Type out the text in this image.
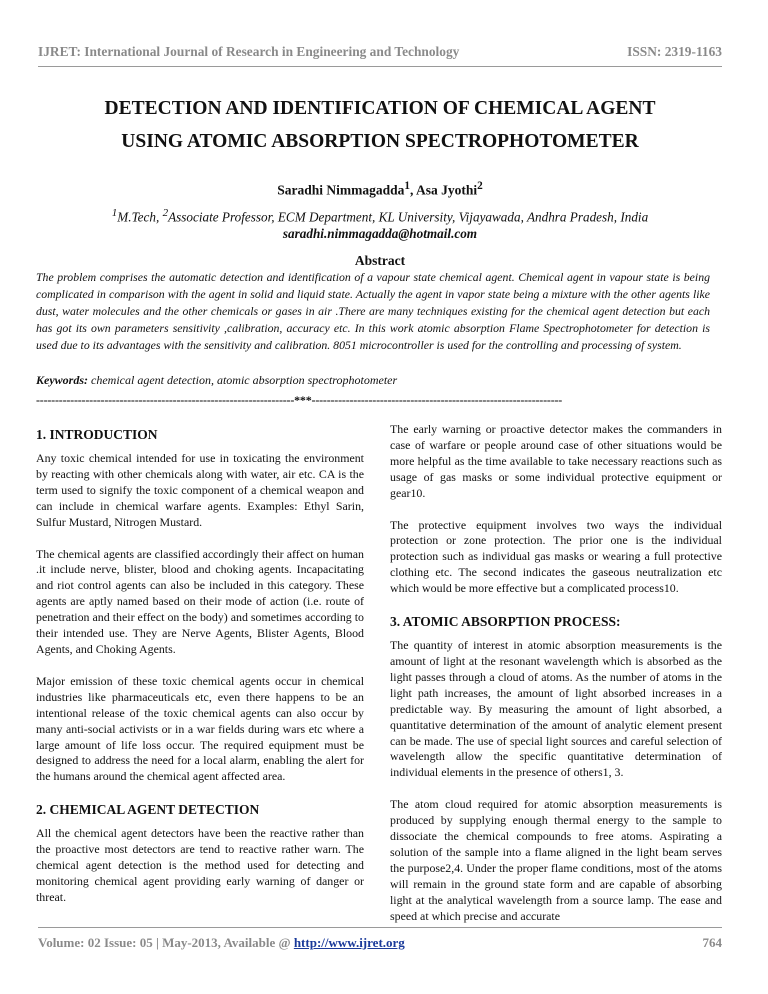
IJRET: International Journal of Research in Engineering and Technology	ISSN: 2319-1163
DETECTION AND IDENTIFICATION OF CHEMICAL AGENT
USING ATOMIC ABSORPTION SPECTROPHOTOMETER
Saradhi Nimmagadda$^1$, Asa Jyothi$^2$
$^1$M.Tech, $^2$Associate Professor, ECM Department, KL University, Vijayawada, Andhra Pradesh, India
saradhi.nimmagadda@hotmail.com
Abstract
The problem comprises the automatic detection and identification of a vapour state chemical agent. Chemical agent in vapour state is being complicated in comparison with the agent in solid and liquid state. Actually the agent in vapor state being a mixture with the other agents like dust, water molecules and the other chemicals or gases in air .There are many techniques existing for the chemical agent detection but each has got its own parameters sensitivity ,calibration, accuracy etc. In this work atomic absorption Flame Spectrophotometer for detection is used due to its advantages with the sensitivity and calibration. 8051 microcontroller is used for the controlling and processing of system.
Keywords: chemical agent detection, atomic absorption spectrophotometer
--------------------------------------------------------------------***------------------------------------------------------------------
1. INTRODUCTION

Any toxic chemical intended for use in toxicating the environment by reacting with other chemicals along with water, air etc. CA is the term used to signify the toxic component of a chemical weapon and can include in chemical warfare agents. Examples: Ethyl Sarin, Sulfur Mustard, Nitrogen Mustard.

The chemical agents are classified accordingly their affect on human .it include nerve, blister, blood and choking agents. Incapacitating and riot control agents can also be included in this category. These agents are aptly named based on their mode of action (i.e. route of penetration and their effect on the body) and sometimes according to their intended use. They are Nerve Agents, Blister Agents, Blood Agents, and Choking Agents.

Major emission of these toxic chemical agents occur in chemical industries like pharmaceuticals etc, even there happens to be an intentional release of the toxic chemical agents can also occur by many anti-social activists or in a war fields during wars etc where a large amount of life loss occur. The required equipment must be designed to address the need for a local alarm, enabling the alert for the humans around the chemical agent affected area.

2. CHEMICAL AGENT DETECTION

All the chemical agent detectors have been the reactive rather than the proactive most detectors are tend to reactive rather warn. The chemical agent detection is the method used for detecting and monitoring chemical agent providing early warning of danger or threat.

The early warning or proactive detector makes the commanders in case of warfare or people around case of other situations would be more helpful as the time available to take necessary reactions such as usage of gas masks or some individual protective equipment or gear10.

The protective equipment involves two ways the individual protection or zone protection. The prior one is the individual protection such as individual gas masks or wearing a full protective clothing etc. The second indicates the gaseous neutralization etc which would be more effective but a complicated process10.

3. ATOMIC ABSORPTION PROCESS:

The quantity of interest in atomic absorption measurements is the amount of light at the resonant wavelength which is absorbed as the light passes through a cloud of atoms. As the number of atoms in the light path increases, the amount of light absorbed increases in a predictable way. By measuring the amount of light absorbed, a quantitative determination of the amount of analytic element present can be made. The use of special light sources and careful selection of wavelength allow the specific quantitative determination of individual elements in the presence of others1, 3.

The atom cloud required for atomic absorption measurements is produced by supplying enough thermal energy to the sample to dissociate the chemical compounds to free atoms. Aspirating a solution of the sample into a flame aligned in the light beam serves the purpose2,4. Under the proper flame conditions, most of the atoms will remain in the ground state form and are capable of absorbing light at the analytical wavelength from a source lamp. The ease and speed at which precise and accurate

Volume: 02 Issue: 05 | May-2013, Available @ http://www.ijret.org	764
